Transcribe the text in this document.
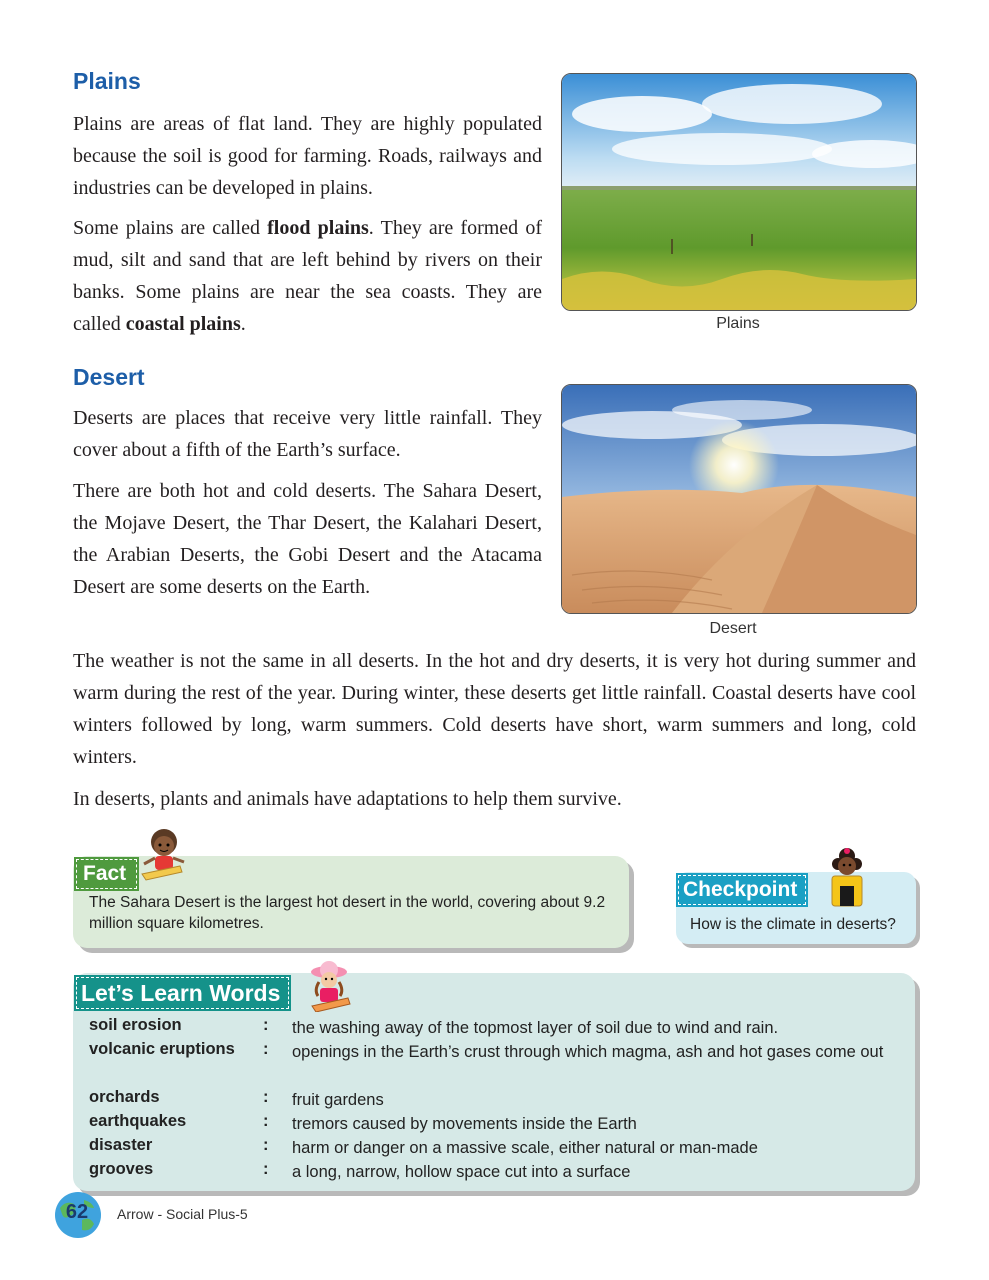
Plains

Plains are areas of flat land. They are highly populated because the soil is good for farming. Roads, railways and industries can be developed in plains.

Some plains are called flood plains. They are formed of mud, silt and sand that are left behind by rivers on their banks. Some plains are near the sea coasts. They are called coastal plains.	Plains
Desert

Deserts are places that receive very little rainfall. They cover about a fifth of the Earth’s surface.

There are both hot and cold deserts. The Sahara Desert, the Mojave Desert, the Thar Desert, the Kalahari Desert, the Arabian Deserts, the Gobi Desert and the Atacama Desert are some deserts on the Earth.

Desert

The weather is not the same in all deserts. In the hot and dry deserts, it is very hot during summer and warm during the rest of the year. During winter, these deserts get little rainfall. Coastal deserts have cool winters followed by long, warm summers. Cold deserts have short, warm summers and long, cold winters.

In deserts, plants and animals have adaptations to help them survive.

Fact

The Sahara Desert is the largest hot desert in the world, covering about 9.2 million square kilometres.

Checkpoint

How is the climate in deserts?

Let’s Learn Words
soil erosion	: the washing away of the topmost layer of soil due to wind and rain.
volcanic eruptions : openings in the Earth’s crust through which magma, ash and hot gases come out
orchards	: fruit gardens
earthquakes	: tremors caused by movements inside the Earth
disaster	: harm or danger on a massive scale, either natural or man-made
grooves	: a long, narrow, hollow space cut into a surface
62	Arrow - Social Plus-5
